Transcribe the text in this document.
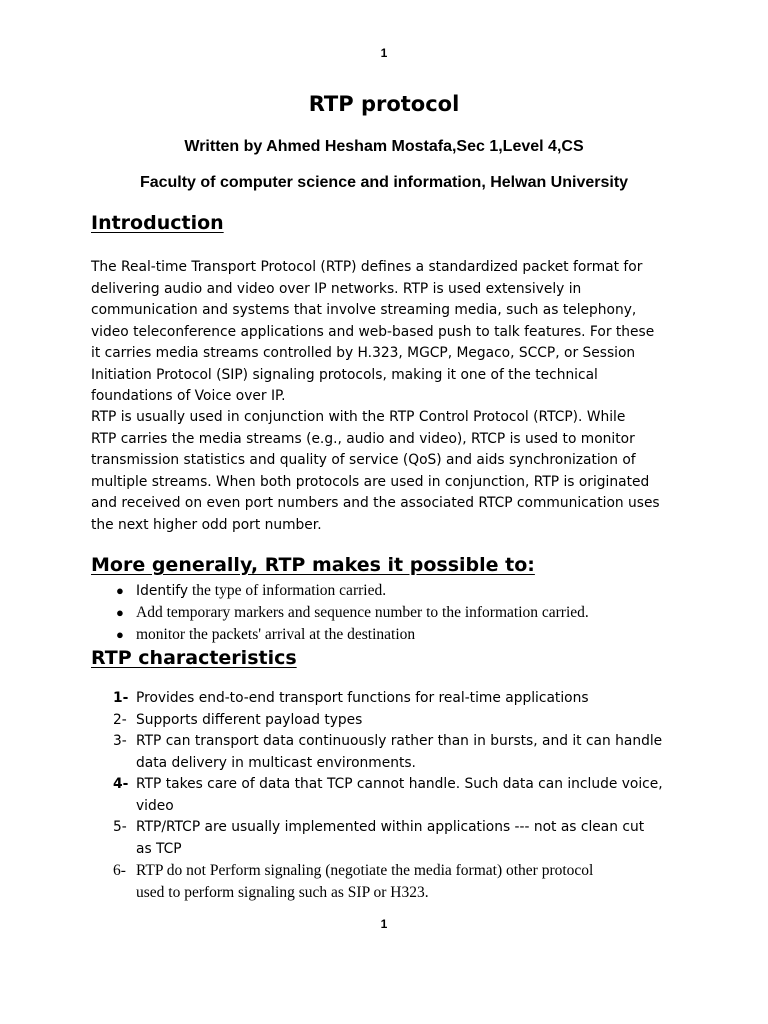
1
RTP protocol
Written by Ahmed Hesham Mostafa,Sec 1,Level 4,CS
Faculty of computer science and information, Helwan University
Introduction

The Real-time Transport Protocol (RTP) defines a standardized packet format for
delivering audio and video over IP networks. RTP is used extensively in
communication and systems that involve streaming media, such as telephony,
video teleconference applications and web-based push to talk features. For these
it carries media streams controlled by H.323, MGCP, Megaco, SCCP, or Session
Initiation Protocol (SIP) signaling protocols, making it one of the technical
foundations of Voice over IP.

RTP is usually used in conjunction with the RTP Control Protocol (RTCP). While
RTP carries the media streams (e.g., audio and video), RTCP is used to monitor
transmission statistics and quality of service (QoS) and aids synchronization of
multiple streams. When both protocols are used in conjunction, RTP is originated
and received on even port numbers and the associated RTCP communication uses
the next higher odd port number.

More generally, RTP makes it possible to:
● Identify the type of information carried.
● Add temporary markers and sequence number to the information carried.
● monitor the packets' arrival at the destination
RTP characteristics
1- Provides end-to-end transport functions for real-time applications
2- Supports different payload types
3- RTP can transport data continuously rather than in bursts, and it can handle
data delivery in multicast environments.
4- RTP takes care of data that TCP cannot handle. Such data can include voice,
video
5- RTP/RTCP are usually implemented within applications --- not as clean cut
as TCP
6- RTP do not Perform signaling (negotiate the media format) other protocol
used to perform signaling such as SIP or H323.
1
